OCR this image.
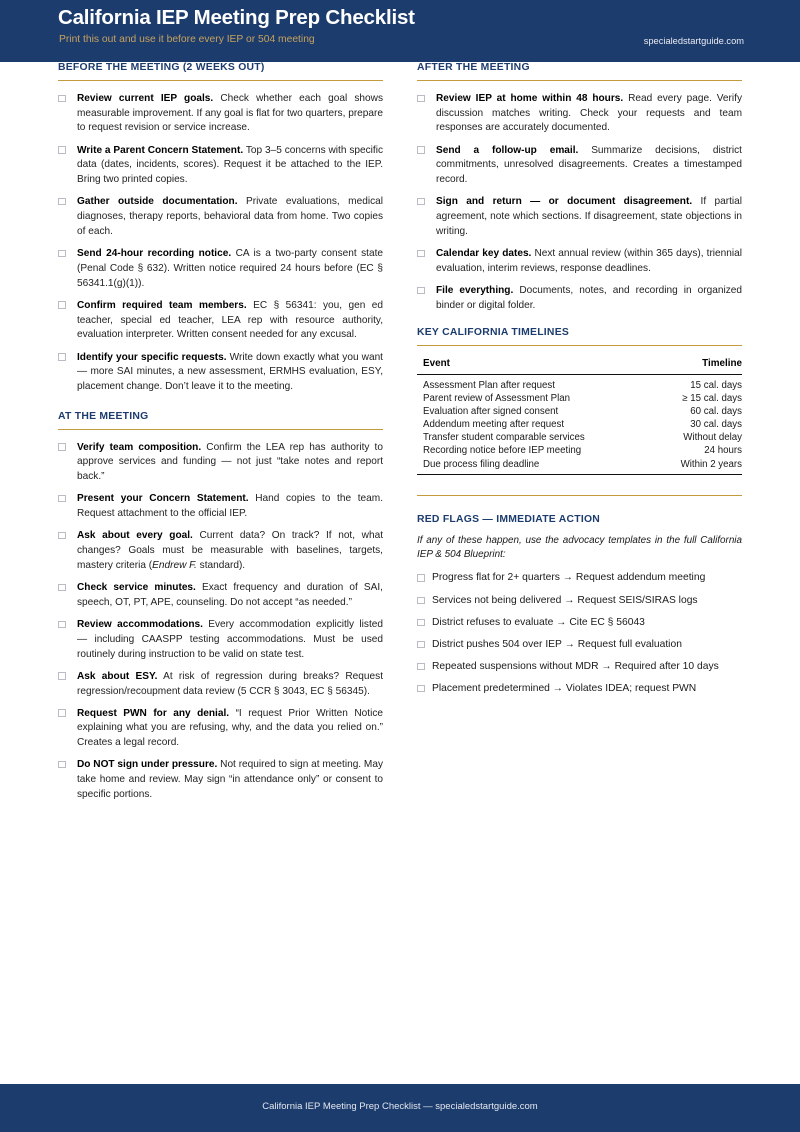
California IEP Meeting Prep Checklist
Print this out and use it before every IEP or 504 meeting	specialedstartguide.com
BEFORE THE MEETING (2 WEEKS OUT)
Review current IEP goals. Check whether each goal shows measurable improvement. If any goal is flat for two quarters, prepare to request revision or service increase.
Write a Parent Concern Statement. Top 3–5 concerns with specific data (dates, incidents, scores). Request it be attached to the IEP. Bring two printed copies.
Gather outside documentation. Private evaluations, medical diagnoses, therapy reports, behavioral data from home. Two copies of each.
Send 24-hour recording notice. CA is a two-party consent state (Penal Code § 632). Written notice required 24 hours before (EC § 56341.1(g)(1)).
Confirm required team members. EC § 56341: you, gen ed teacher, special ed teacher, LEA rep with resource authority, evaluation interpreter. Written consent needed for any excusal.
Identify your specific requests. Write down exactly what you want — more SAI minutes, a new assessment, ERMHS evaluation, ESY, placement change. Don’t leave it to the meeting.
AT THE MEETING
Verify team composition. Confirm the LEA rep has authority to approve services and funding — not just “take notes and report back.”
Present your Concern Statement. Hand copies to the team. Request attachment to the official IEP.
Ask about every goal. Current data? On track? If not, what changes? Goals must be measurable with baselines, targets, mastery criteria (Endrew F. standard).
Check service minutes. Exact frequency and duration of SAI, speech, OT, PT, APE, counseling. Do not accept “as needed.”
Review accommodations. Every accommodation explicitly listed — including CAASPP testing accommodations. Must be used routinely during instruction to be valid on state test.
Ask about ESY. At risk of regression during breaks? Request regression/recoupment data review (5 CCR § 3043, EC § 56345).
Request PWN for any denial. “I request Prior Written Notice explaining what you are refusing, why, and the data you relied on.” Creates a legal record.
Do NOT sign under pressure. Not required to sign at meeting. May take home and review. May sign “in attendance only” or consent to specific portions.
AFTER THE MEETING
Review IEP at home within 48 hours. Read every page. Verify discussion matches writing. Check your requests and team responses are accurately documented.
Send a follow-up email. Summarize decisions, district commitments, unresolved disagreements. Creates a timestamped record.
Sign and return — or document disagreement. If partial agreement, note which sections. If disagreement, state objections in writing.
Calendar key dates. Next annual review (within 365 days), triennial evaluation, interim reviews, response deadlines.
File everything. Documents, notes, and recording in organized binder or digital folder.
KEY CALIFORNIA TIMELINES
Event	Timeline
Assessment Plan after request	15 cal. days
Parent review of Assessment Plan	≥ 15 cal. days
Evaluation after signed consent	60 cal. days
Addendum meeting after request	30 cal. days
Transfer student comparable services	Without delay
Recording notice before IEP meeting	24 hours
Due process filing deadline	Within 2 years
RED FLAGS — IMMEDIATE ACTION
If any of these happen, use the advocacy templates in the full California IEP & 504 Blueprint:
Progress flat for 2+ quarters → Request addendum meeting
Services not being delivered → Request SEIS/SIRAS logs
District refuses to evaluate → Cite EC § 56043
District pushes 504 over IEP → Request full evaluation
Repeated suspensions without MDR → Required after 10 days
Placement predetermined → Violates IDEA; request PWN
California IEP Meeting Prep Checklist — specialedstartguide.com
